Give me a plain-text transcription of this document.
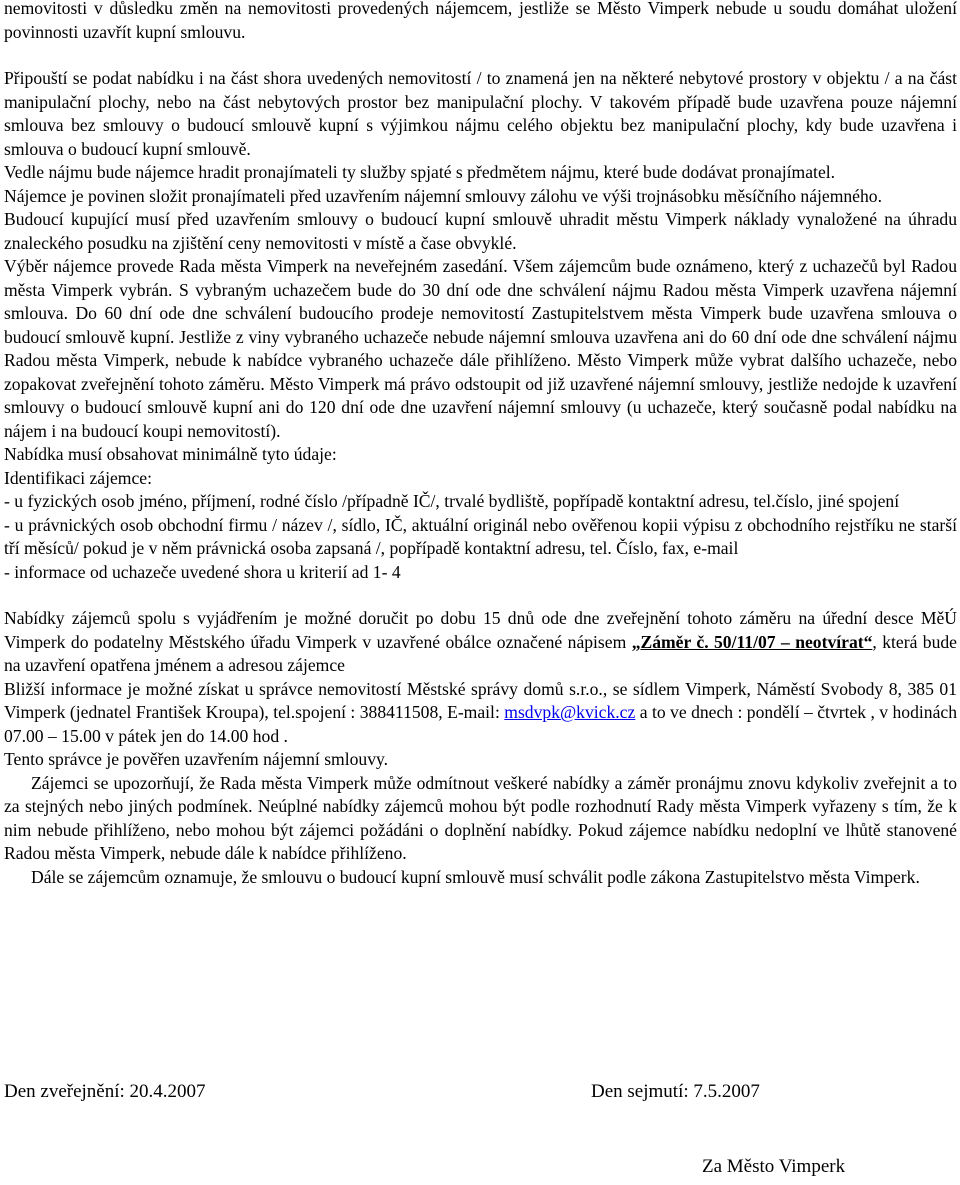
nemovitosti v důsledku změn na nemovitosti provedených nájemcem, jestliže se Město Vimperk nebude u soudu domáhat uložení povinnosti uzavřít kupní smlouvu.

Připouští se podat nabídku i na část shora uvedených nemovitostí / to znamená jen na některé nebytové prostory v objektu / a na část manipulační plochy, nebo na část nebytových prostor bez manipulační plochy. V takovém případě bude uzavřena pouze nájemní smlouva bez smlouvy o budoucí smlouvě kupní s výjimkou nájmu celého objektu bez manipulační plochy, kdy bude uzavřena i smlouva o budoucí kupní smlouvě.

Vedle nájmu bude nájemce hradit pronajímateli ty služby spjaté s předmětem nájmu, které bude dodávat pronajímatel.

Nájemce je povinen složit pronajímateli před uzavřením nájemní smlouvy zálohu ve výši trojnásobku měsíčního nájemného.

Budoucí kupující musí před uzavřením smlouvy o budoucí kupní smlouvě uhradit městu Vimperk náklady vynaložené na úhradu znaleckého posudku na zjištění ceny nemovitosti v místě a čase obvyklé.

Výběr nájemce provede Rada města Vimperk na neveřejném zasedání. Všem zájemcům bude oznámeno, který z uchazečů byl Radou města Vimperk vybrán. S vybraným uchazečem bude do 30 dní ode dne schválení nájmu Radou města Vimperk uzavřena nájemní smlouva. Do 60 dní ode dne schválení budoucího prodeje nemovitostí Zastupitelstvem města Vimperk bude uzavřena smlouva o budoucí smlouvě kupní. Jestliže z viny vybraného uchazeče nebude nájemní smlouva uzavřena ani do 60 dní ode dne schválení nájmu Radou města Vimperk, nebude k nabídce vybraného uchazeče dále přihlíženo. Město Vimperk může vybrat dalšího uchazeče, nebo zopakovat zveřejnění tohoto záměru. Město Vimperk má právo odstoupit od již uzavřené nájemní smlouvy, jestliže nedojde k uzavření smlouvy o budoucí smlouvě kupní ani do 120 dní ode dne uzavření nájemní smlouvy (u uchazeče, který současně podal nabídku na nájem i na budoucí koupi nemovitostí).

Nabídka musí obsahovat minimálně tyto údaje:

Identifikaci zájemce:

- u fyzických osob jméno, příjmení, rodné číslo /případně IČ/, trvalé bydliště, popřípadě kontaktní adresu, tel.číslo, jiné spojení

- u právnických osob obchodní firmu / název /, sídlo, IČ, aktuální originál nebo ověřenou kopii výpisu z obchodního rejstříku ne starší tří měsíců/ pokud je v něm právnická osoba zapsaná /, popřípadě kontaktní adresu, tel. Číslo, fax, e-mail

- informace od uchazeče uvedené shora u kriterií ad 1- 4

Nabídky zájemců spolu s vyjádřením je možné doručit po dobu 15 dnů ode dne zveřejnění tohoto záměru na úřední desce MěÚ Vimperk do podatelny Městského úřadu Vimperk v uzavřené obálce označené nápisem „Záměr č. 50/11/07 – neotvírat“, která bude na uzavření opatřena jménem a adresou zájemce

Bližší informace je možné získat u správce nemovitostí Městské správy domů s.r.o., se sídlem Vimperk, Náměstí Svobody 8, 385 01 Vimperk (jednatel František Kroupa), tel.spojení : 388411508, E-mail: msdvpk@kvick.cz a to ve dnech : pondělí – čtvrtek , v hodinách 07.00 – 15.00 v pátek jen do 14.00 hod .

Tento správce je pověřen uzavřením nájemní smlouvy.

Zájemci se upozorňují, že Rada města Vimperk může odmítnout veškeré nabídky a záměr pronájmu znovu kdykoliv zveřejnit a to za stejných nebo jiných podmínek. Neúplné nabídky zájemců mohou být podle rozhodnutí Rady města Vimperk vyřazeny s tím, že k nim nebude přihlíženo, nebo mohou být zájemci požádáni o doplnění nabídky. Pokud zájemce nabídku nedoplní ve lhůtě stanovené Radou města Vimperk, nebude dále k nabídce přihlíženo.

Dále se zájemcům oznamuje, že smlouvu o budoucí kupní smlouvě musí schválit podle zákona Zastupitelstvo města Vimperk.

Den zveřejnění: 20.4.2007	Den sejmutí: 7.5.2007
Za Město Vimperk
